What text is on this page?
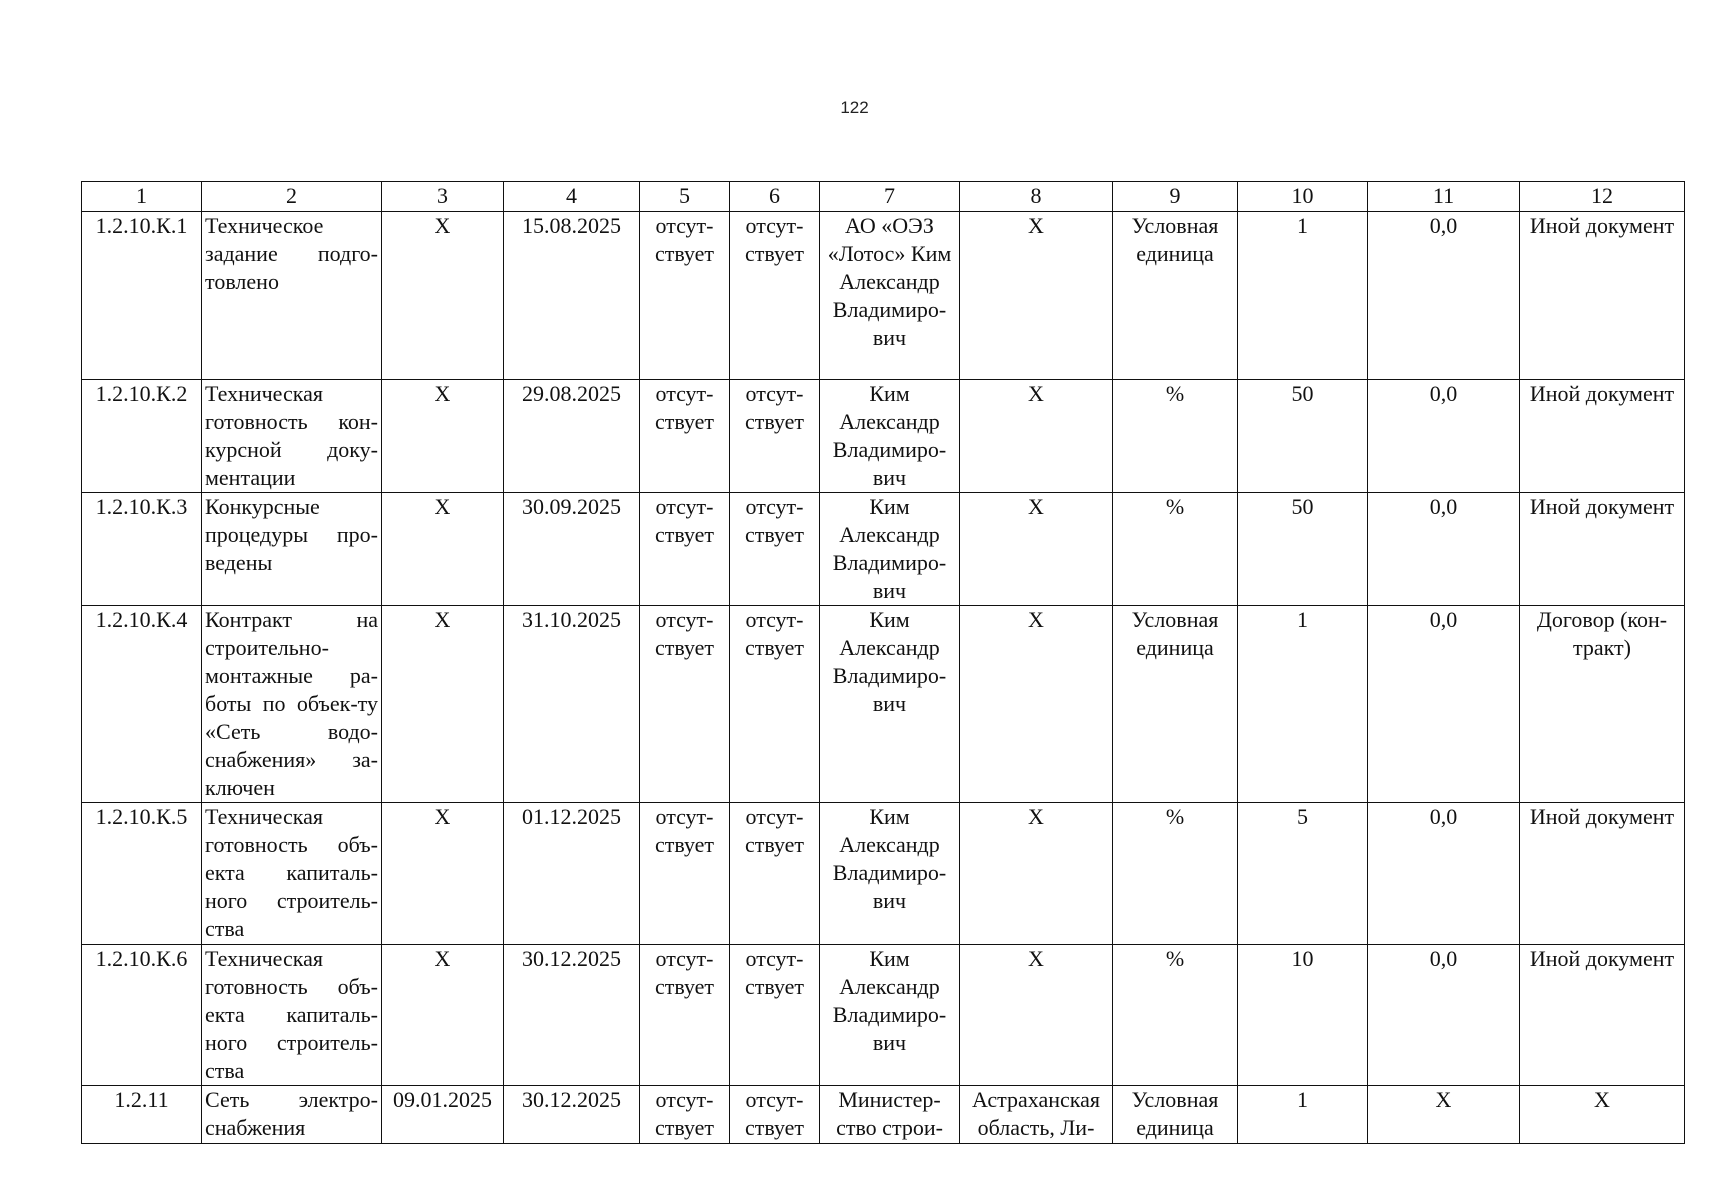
122
1	2	3	4	5	6	7	8	9	10	11	12
1.2.10.К.1	Техническое задание подго-товлено	Х	15.08.2025	отсут-ствует	отсут-ствует	АО «ОЭЗ «Лотос» Ким Александр Владимиро-вич	Х	Условная единица	1	0,0	Иной документ
1.2.10.К.2	Техническая готовность кон-курсной доку-ментации	Х	29.08.2025	отсут-ствует	отсут-ствует	Ким Александр Владимиро-вич	Х	%	50	0,0	Иной документ
1.2.10.К.3	Конкурсные процедуры про-ведены	Х	30.09.2025	отсут-ствует	отсут-ствует	Ким Александр Владимиро-вич	Х	%	50	0,0	Иной документ
1.2.10.К.4	Контракт на строительно-монтажные ра-боты по объек-ту «Сеть водо-снабжения» за-ключен	Х	31.10.2025	отсут-ствует	отсут-ствует	Ким Александр Владимиро-вич	Х	Условная единица	1	0,0	Договор (кон-тракт)
1.2.10.К.5	Техническая готовность объ-екта капиталь-ного строитель-ства	Х	01.12.2025	отсут-ствует	отсут-ствует	Ким Александр Владимиро-вич	Х	%	5	0,0	Иной документ
1.2.10.К.6	Техническая готовность объ-екта капиталь-ного строитель-ства	Х	30.12.2025	отсут-ствует	отсут-ствует	Ким Александр Владимиро-вич	Х	%	10	0,0	Иной документ
1.2.11	Сеть электро-снабжения	09.01.2025	30.12.2025	отсут-ствует	отсут-ствует	Министер-ство строи-	Астраханская область, Ли-	Условная единица	1	Х	Х
